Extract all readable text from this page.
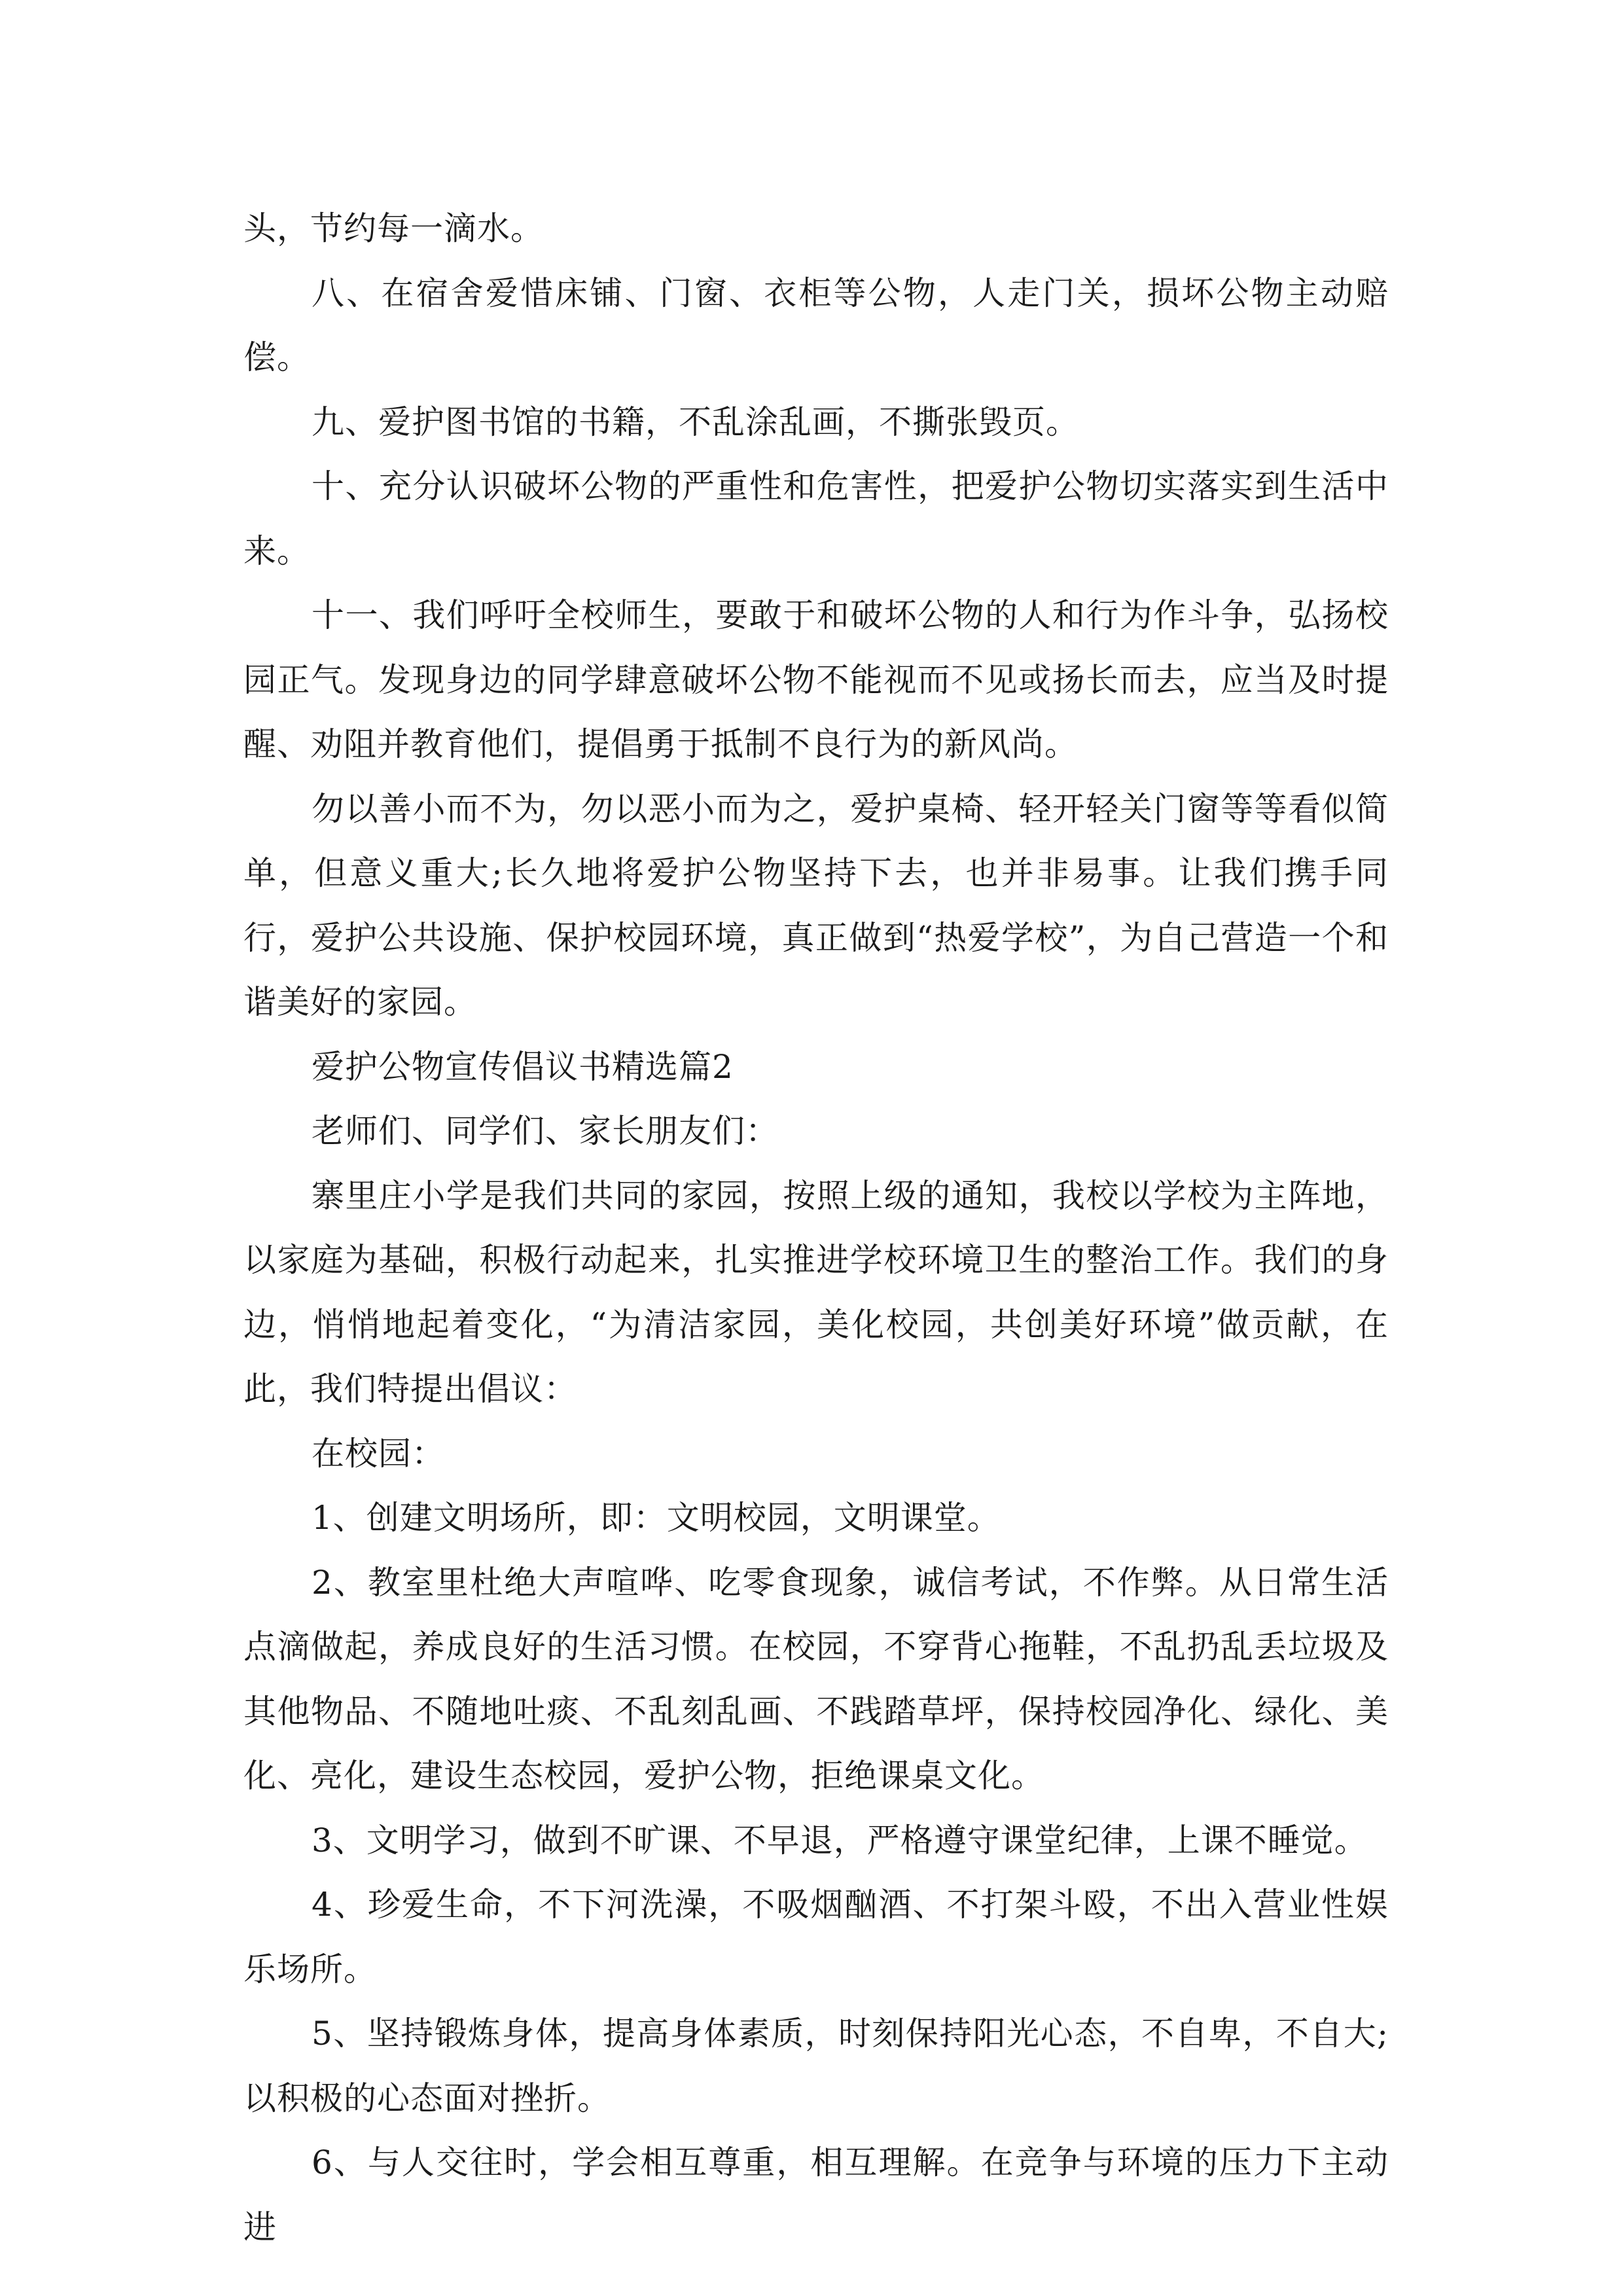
头，节约每一滴水。

八、在宿舍爱惜床铺、门窗、衣柜等公物，人走门关，损坏公物主动赔偿。

九、爱护图书馆的书籍，不乱涂乱画，不撕张毁页。

十、充分认识破坏公物的严重性和危害性，把爱护公物切实落实到生活中来。

十一、我们呼吁全校师生，要敢于和破坏公物的人和行为作斗争，弘扬校园正气。发现身边的同学肆意破坏公物不能视而不见或扬长而去，应当及时提醒、劝阻并教育他们，提倡勇于抵制不良行为的新风尚。

勿以善小而不为，勿以恶小而为之，爱护桌椅、轻开轻关门窗等等看似简单，但意义重大;长久地将爱护公物坚持下去，也并非易事。让我们携手同行，爱护公共设施、保护校园环境，真正做到“热爱学校”，为自己营造一个和谐美好的家园。

爱护公物宣传倡议书精选篇2

老师们、同学们、家长朋友们：

寨里庄小学是我们共同的家园，按照上级的通知，我校以学校为主阵地，以家庭为基础，积极行动起来，扎实推进学校环境卫生的整治工作。我们的身边，悄悄地起着变化，“为清洁家园，美化校园，共创美好环境”做贡献，在此，我们特提出倡议：

在校园：

1、创建文明场所，即：文明校园，文明课堂。

2、教室里杜绝大声喧哗、吃零食现象，诚信考试，不作弊。从日常生活点滴做起，养成良好的生活习惯。在校园，不穿背心拖鞋，不乱扔乱丢垃圾及其他物品、不随地吐痰、不乱刻乱画、不践踏草坪，保持校园净化、绿化、美化、亮化，建设生态校园，爱护公物，拒绝课桌文化。

3、文明学习，做到不旷课、不早退，严格遵守课堂纪律，上课不睡觉。

4、珍爱生命，不下河洗澡，不吸烟酗酒、不打架斗殴，不出入营业性娱乐场所。

5、坚持锻炼身体，提高身体素质，时刻保持阳光心态，不自卑，不自大;以积极的心态面对挫折。

6、与人交往时，学会相互尊重，相互理解。在竞争与环境的压力下主动进
